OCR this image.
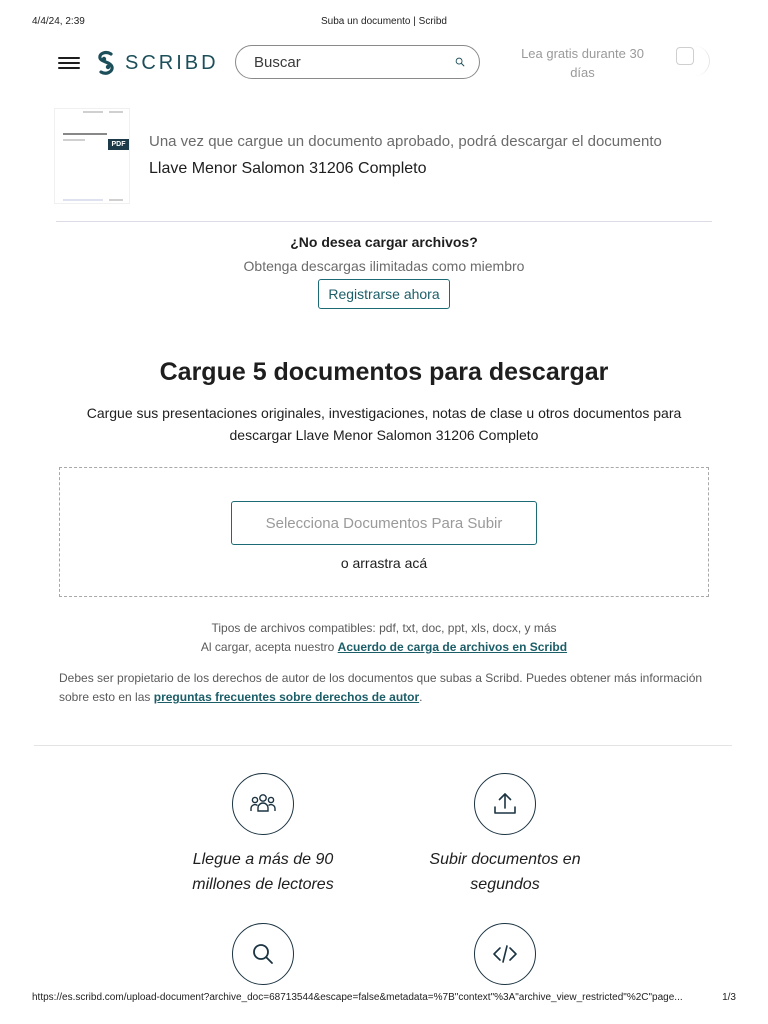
4/4/24, 2:39	Suba un documento | Scribd
SCRIBD
Buscar	Lea gratis durante 30 días
PDF Una vez que cargue un documento aprobado, podrá descargar el documento
Llave Menor Salomon 31206 Completo
¿No desea cargar archivos?
Obtenga descargas ilimitadas como miembro
Registrarse ahora
Cargue 5 documentos para descargar
Cargue sus presentaciones originales, investigaciones, notas de clase u otros documentos para descargar Llave Menor Salomon 31206 Completo
Selecciona Documentos Para Subir
o arrastra acá
Tipos de archivos compatibles: pdf, txt, doc, ppt, xls, docx, y más
Al cargar, acepta nuestro Acuerdo de carga de archivos en Scribd
Debes ser propietario de los derechos de autor de los documentos que subas a Scribd. Puedes obtener más información sobre esto en las preguntas frecuentes sobre derechos de autor.
Llegue a más de 90 millones de lectores
Subir documentos en segundos
https://es.scribd.com/upload-document?archive_doc=68713544&escape=false&metadata=%7B"context"%3A"archive_view_restricted"%2C"page...	1/3
